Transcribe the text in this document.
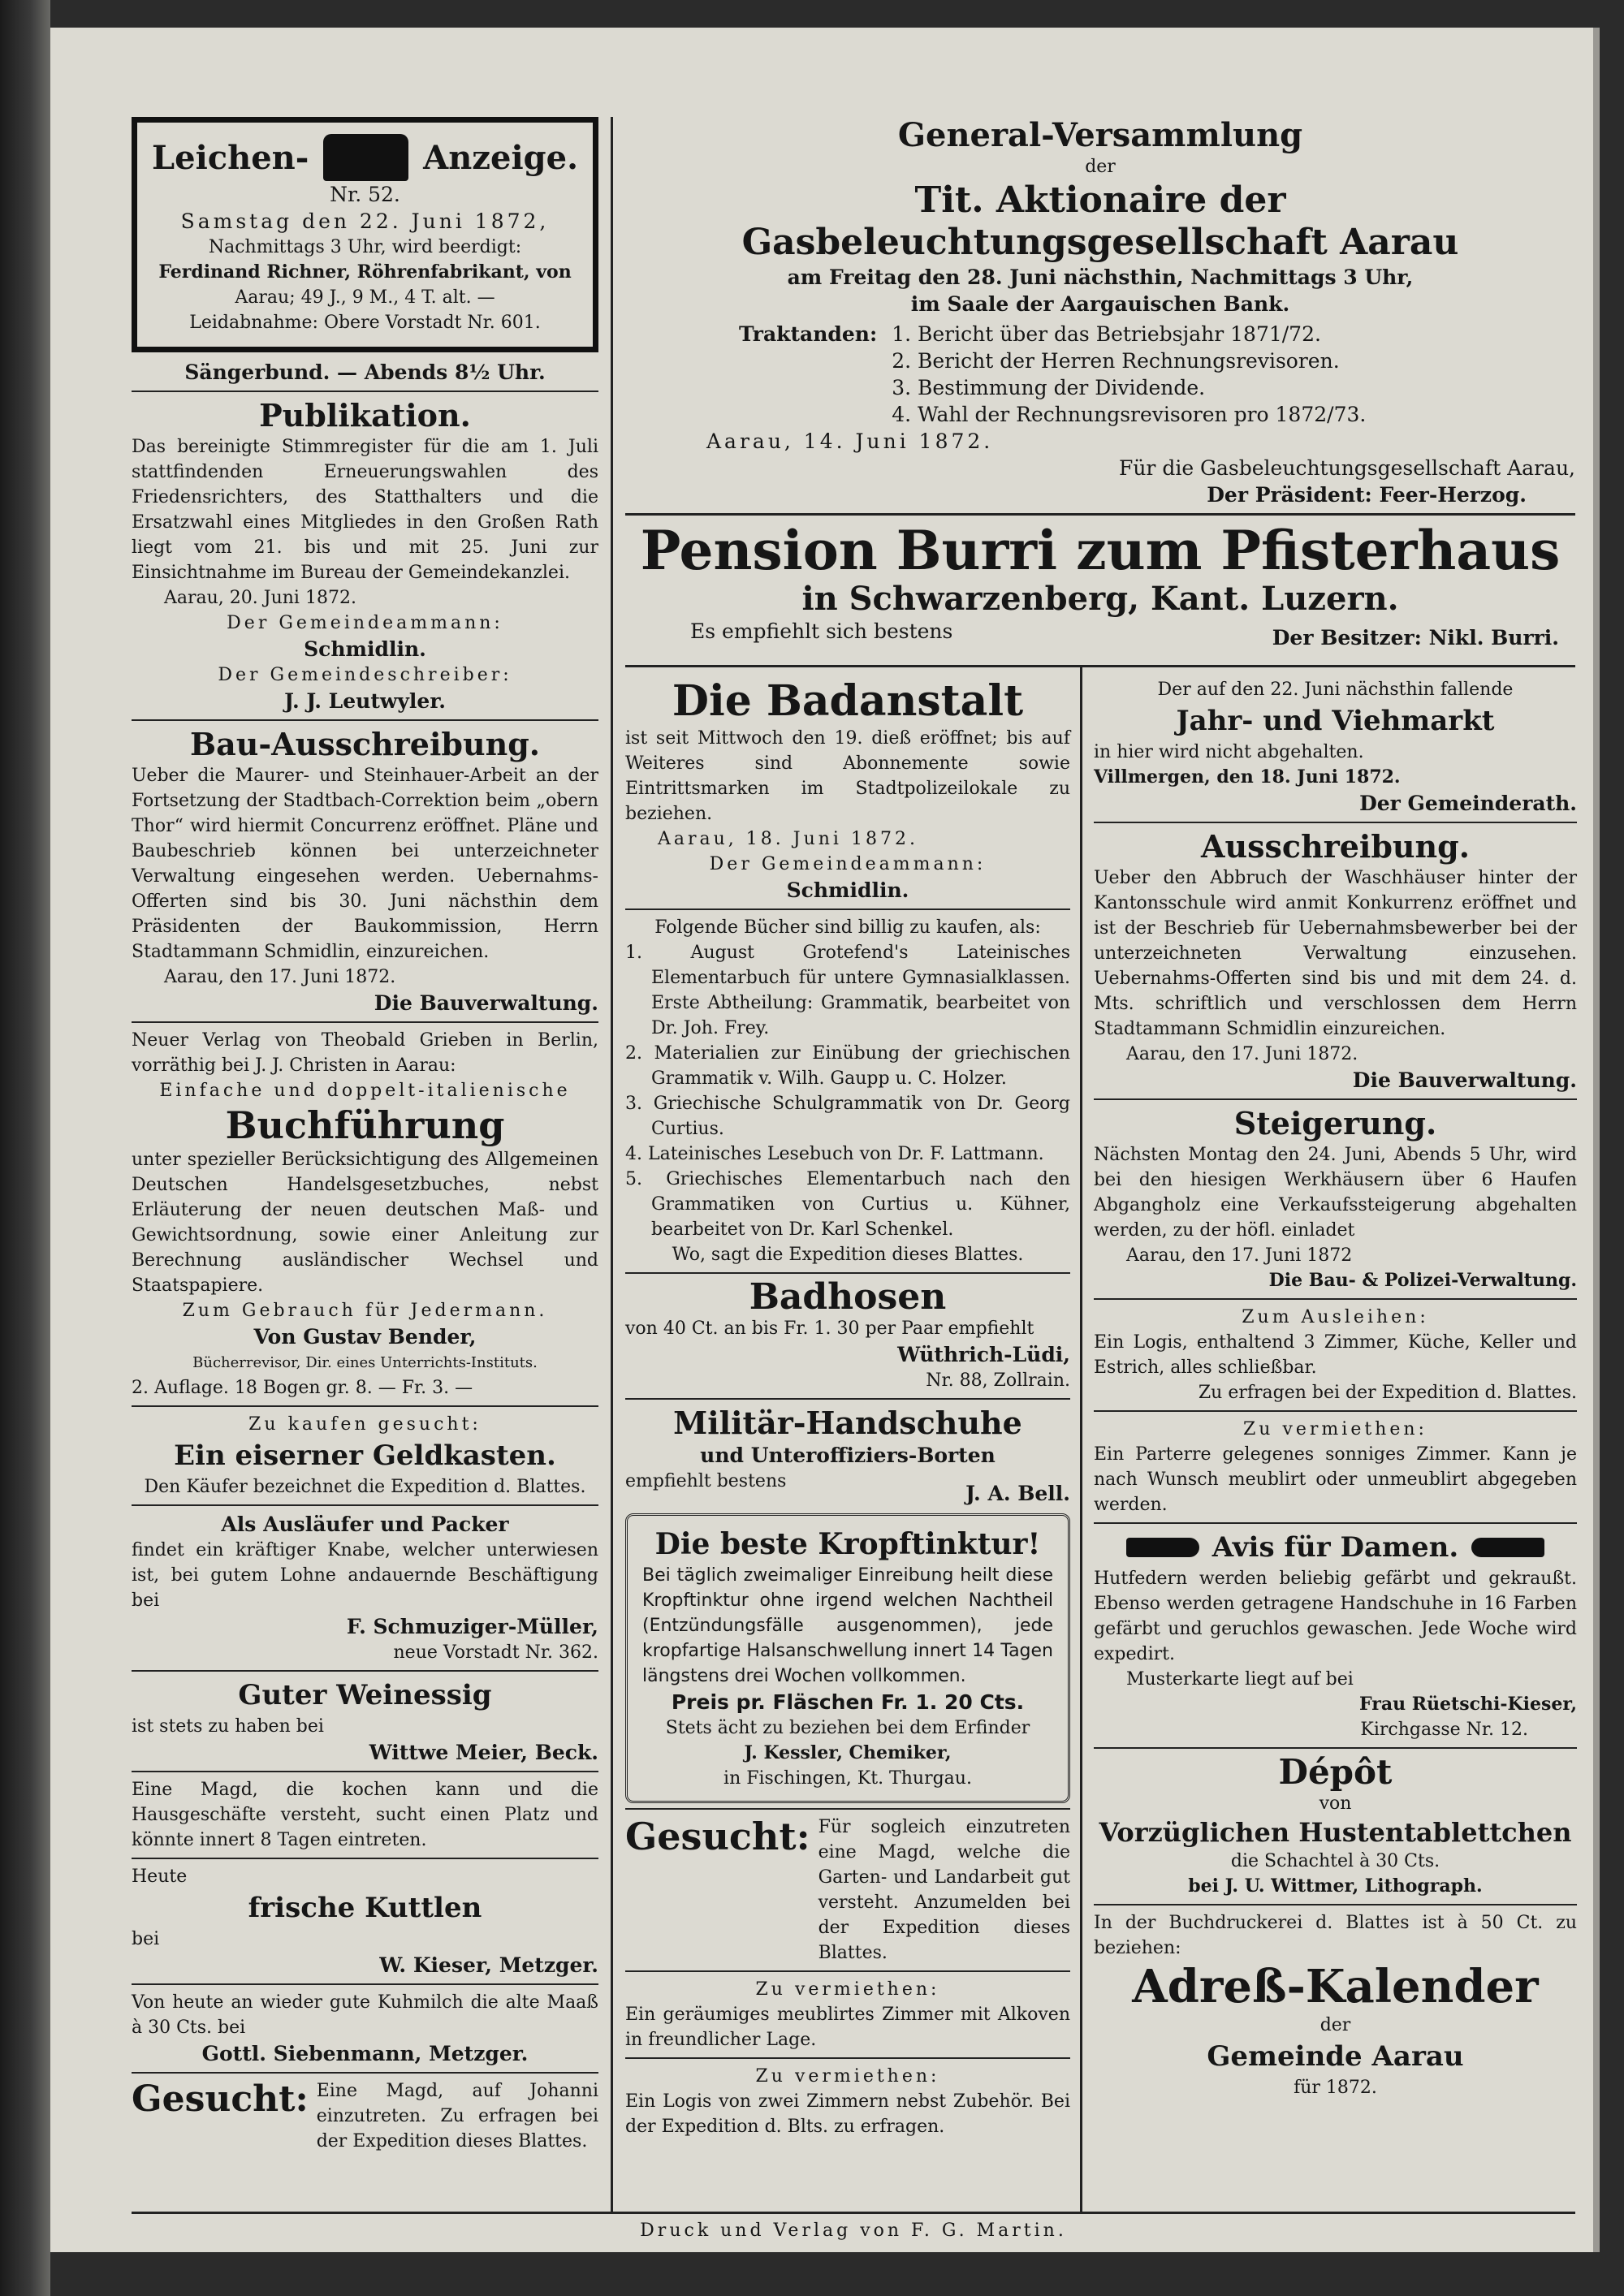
Leichen-	Anzeige.

Nr. 52.

Samstag den 22. Juni 1872,

Nachmittags 3 Uhr, wird beerdigt:

Ferdinand Richner, Röhrenfabrikant, von

Aarau; 49 J., 9 M., 4 T. alt. —

Leidabnahme: Obere Vorstadt Nr. 601.

Sängerbund. — Abends 8½ Uhr.

Publikation.

Das bereinigte Stimmregister für die am 1. Juli stattfindenden Erneuerungswahlen des Friedensrichters, des Statthalters und die Ersatzwahl eines Mitgliedes in den Großen Rath liegt vom 21. bis und mit 25. Juni zur Einsichtnahme im Bureau der Gemeindekanzlei.

Aarau, 20. Juni 1872.

Der Gemeindeammann:

Schmidlin.

Der Gemeindeschreiber:

J. J. Leutwyler.

Bau-Ausschreibung.

Ueber die Maurer- und Steinhauer-Arbeit an der Fortsetzung der Stadtbach-Correktion beim „obern Thor“ wird hiermit Concurrenz eröffnet. Pläne und Baubeschrieb können bei unterzeichneter Verwaltung eingesehen werden. Uebernahms-Offerten sind bis 30. Juni nächsthin dem Präsidenten der Baukommission, Herrn Stadtammann Schmidlin, einzureichen.

Aarau, den 17. Juni 1872.

Die Bauverwaltung.

Neuer Verlag von Theobald Grieben in Berlin, vorräthig bei J. J. Christen in Aarau:

Einfache und doppelt-italienische

Buchführung

unter spezieller Berücksichtigung des Allgemeinen Deutschen Handelsgesetzbuches, nebst Erläuterung der neuen deutschen Maß- und Gewichtsordnung, sowie einer Anleitung zur Berechnung ausländischer Wechsel und Staatspapiere.

Zum Gebrauch für Jedermann.

Von Gustav Bender,

Bücherrevisor, Dir. eines Unterrichts-Instituts.

2. Auflage. 18 Bogen gr. 8. — Fr. 3. —

Zu kaufen gesucht:

Ein eiserner Geldkasten.

Den Käufer bezeichnet die Expedition d. Blattes.

Als Ausläufer und Packer

findet ein kräftiger Knabe, welcher unterwiesen ist, bei gutem Lohne andauernde Beschäftigung bei

F. Schmuziger-Müller,

neue Vorstadt Nr. 362.

Guter Weinessig

ist stets zu haben bei

Wittwe Meier, Beck.

Eine Magd, die kochen kann und die Hausgeschäfte versteht, sucht einen Platz und könnte innert 8 Tagen eintreten.

Heute

frische Kuttlen

bei

W. Kieser, Metzger.

Von heute an wieder gute Kuhmilch die alte Maaß à 30 Cts. bei

Gottl. Siebenmann, Metzger.

Gesucht: Eine Magd, auf Johanni einzutreten. Zu erfragen bei der Expedition dieses Blattes.

General-Versammlung

der

Tit. Aktionaire der Gasbeleuchtungsgesellschaft Aarau

am Freitag den 28. Juni nächsthin, Nachmittags 3 Uhr,

im Saale der Aargauischen Bank.

Traktanden: 1. Bericht über das Betriebsjahr 1871/72.

2. Bericht der Herren Rechnungsrevisoren.

3. Bestimmung der Dividende.

4. Wahl der Rechnungsrevisoren pro 1872/73.

Aarau, 14. Juni 1872.

Für die Gasbeleuchtungsgesellschaft Aarau,

Der Präsident: Feer-Herzog.

Pension Burri zum Pfisterhaus

in Schwarzenberg, Kant. Luzern.

Es empfiehlt sich bestens	Der Besitzer: Nikl. Burri.

Die Badanstalt

ist seit Mittwoch den 19. dieß eröffnet; bis auf Weiteres sind Abonnemente sowie Eintrittsmarken im Stadtpolizeilokale zu beziehen.

Aarau, 18. Juni 1872.

Der Gemeindeammann:

Schmidlin.

Folgende Bücher sind billig zu kaufen, als:

1. August Grotefend's Lateinisches Elementarbuch für untere Gymnasialklassen. Erste Abtheilung: Grammatik, bearbeitet von Dr. Joh. Frey.

2. Materialien zur Einübung der griechischen Grammatik v. Wilh. Gaupp u. C. Holzer.

3. Griechische Schulgrammatik von Dr. Georg Curtius.

4. Lateinisches Lesebuch von Dr. F. Lattmann.

5. Griechisches Elementarbuch nach den Grammatiken von Curtius u. Kühner, bearbeitet von Dr. Karl Schenkel.

Wo, sagt die Expedition dieses Blattes.

Badhosen

von 40 Ct. an bis Fr. 1. 30 per Paar empfiehlt

Wüthrich-Lüdi,

Nr. 88, Zollrain.

Militär-Handschuhe

und Unteroffiziers-Borten

empfiehlt bestens
J. A. Bell.

Die beste Kropftinktur!

Bei täglich zweimaliger Einreibung heilt diese Kropftinktur ohne irgend welchen Nachtheil (Entzündungsfälle ausgenommen), jede kropfartige Halsanschwellung innert 14 Tagen längstens drei Wochen vollkommen.

Preis pr. Fläschen Fr. 1. 20 Cts.

Stets ächt zu beziehen bei dem Erfinder

J. Kessler, Chemiker,

in Fischingen, Kt. Thurgau.

Gesucht: Für sogleich einzutreten eine Magd, welche die Garten- und Landarbeit gut versteht. Anzumelden bei der Expedition dieses Blattes.

Zu vermiethen:

Ein geräumiges meublirtes Zimmer mit Alkoven in freundlicher Lage.

Zu vermiethen:

Ein Logis von zwei Zimmern nebst Zubehör. Bei der Expedition d. Blts. zu erfragen.

Der auf den 22. Juni nächsthin fallende

Jahr- und Viehmarkt

in hier wird nicht abgehalten.

Villmergen, den 18. Juni 1872.

Der Gemeinderath.

Ausschreibung.

Ueber den Abbruch der Waschhäuser hinter der Kantonsschule wird anmit Konkurrenz eröffnet und ist der Beschrieb für Uebernahmsbewerber bei der unterzeichneten Verwaltung einzusehen. Uebernahms-Offerten sind bis und mit dem 24. d. Mts. schriftlich und verschlossen dem Herrn Stadtammann Schmidlin einzureichen.

Aarau, den 17. Juni 1872.

Die Bauverwaltung.

Steigerung.

Nächsten Montag den 24. Juni, Abends 5 Uhr, wird bei den hiesigen Werkhäusern über 6 Haufen Abgangholz eine Verkaufssteigerung abgehalten werden, zu der höfl. einladet

Aarau, den 17. Juni 1872

Die Bau- & Polizei-Verwaltung.

Zum Ausleihen:

Ein Logis, enthaltend 3 Zimmer, Küche, Keller und Estrich, alles schließbar.

Zu erfragen bei der Expedition d. Blattes.

Zu vermiethen:

Ein Parterre gelegenes sonniges Zimmer. Kann je nach Wunsch meublirt oder unmeublirt abgegeben werden.

Avis für Damen.

Hutfedern werden beliebig gefärbt und gekraußt. Ebenso werden getragene Handschuhe in 16 Farben gefärbt und geruchlos gewaschen. Jede Woche wird expedirt.

Musterkarte liegt auf bei

Frau Rüetschi-Kieser,

Kirchgasse Nr. 12.

Dépôt

von

Vorzüglichen Hustentablettchen

die Schachtel à 30 Cts.

bei J. U. Wittmer, Lithograph.

In der Buchdruckerei d. Blattes ist à 50 Ct. zu beziehen:

Adreß-Kalender

der

Gemeinde Aarau

für 1872.

Druck und Verlag von F. G. Martin.
